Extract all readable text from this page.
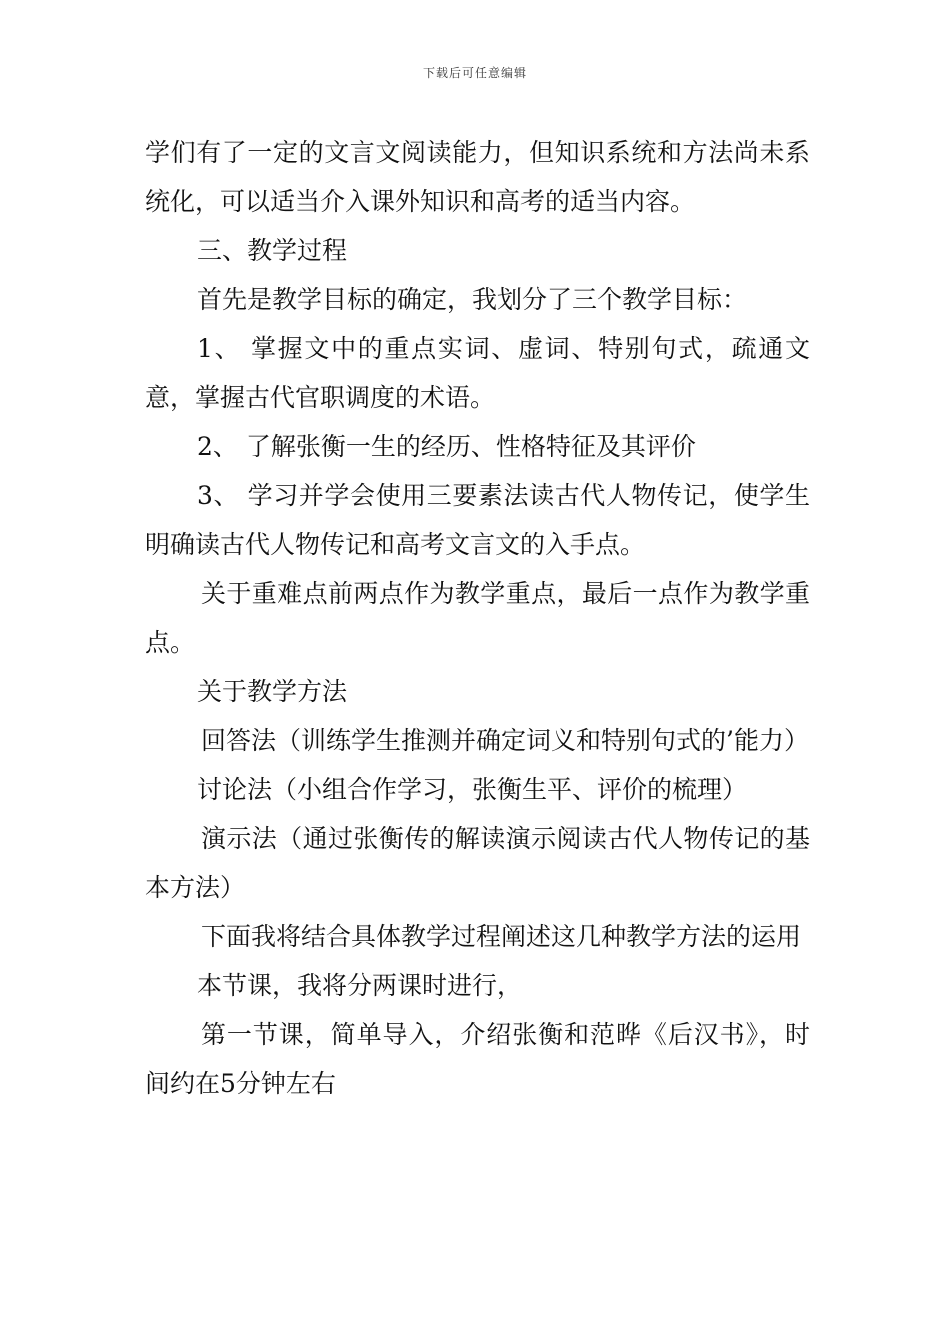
下载后可任意编辑

学们有了一定的文言文阅读能力，但知识系统和方法尚未系统化，可以适当介入课外知识和高考的适当内容。

三、教学过程

首先是教学目标的确定，我划分了三个教学目标：

1、 掌握文中的重点实词、虚词、特别句式，疏通文意，掌握古代官职调度的术语。

2、 了解张衡一生的经历、性格特征及其评价

3、 学习并学会使用三要素法读古代人物传记，使学生明确读古代人物传记和高考文言文的入手点。

关于重难点前两点作为教学重点，最后一点作为教学重点。

关于教学方法

回答法（训练学生推测并确定词义和特别句式的’能力）

讨论法（小组合作学习，张衡生平、评价的梳理）

演示法（通过张衡传的解读演示阅读古代人物传记的基本方法）

下面我将结合具体教学过程阐述这几种教学方法的运用

本节课，我将分两课时进行，

第一节课，简单导入，介绍张衡和范晔《后汉书》，时间约在5分钟左右
